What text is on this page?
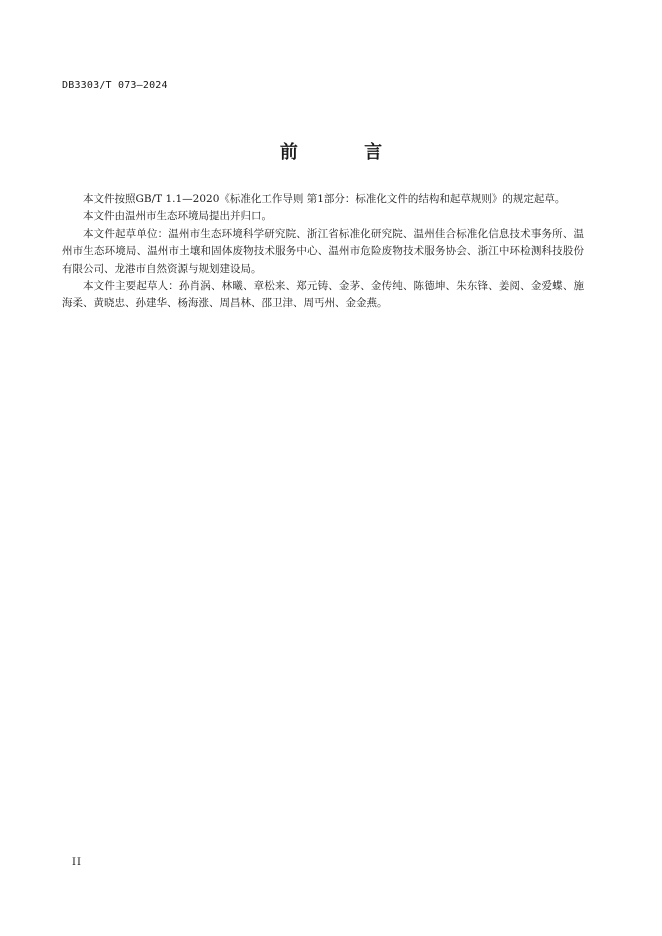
DB3303/T 073—2024
前 言

本文件按照GB/T 1.1—2020《标准化工作导则 第1部分：标准化文件的结构和起草规则》的规定起草。

本文件由温州市生态环境局提出并归口。

本文件起草单位：温州市生态环境科学研究院、浙江省标准化研究院、温州佳合标准化信息技术事务所、温州市生态环境局、温州市土壤和固体废物技术服务中心、温州市危险废物技术服务协会、浙江中环检测科技股份有限公司、龙港市自然资源与规划建设局。

本文件主要起草人：孙肖涡、林曦、章松来、郑元铸、金茅、金传纯、陈德坤、朱东锋、姜阅、金爱蝶、施海柔、黄晓忠、孙建华、杨海涨、周昌林、邵卫津、周丐州、金金燕。

II
